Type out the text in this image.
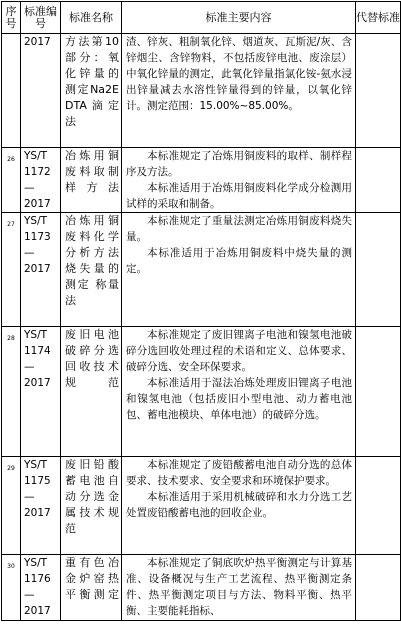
序号	标准编号	标准名称	标准主要内容	代替标准
	2017	方法第10部分：氧化锌量的测定Na2EDTA滴定法	渣、锌灰、粗制氧化锌、烟道灰、瓦斯泥/灰、含锌烟尘、含锌物料，不包括废锌电池、废涂层）中氧化锌量的测定，此氧化锌量指氯化铵-氨水浸出锌量减去水溶性锌量得到的锌量，以氧化锌计。测定范围：15.00%~85.00%。	

26	YS/T 1172—2017	冶炼用铜废料取制样方法	本标准规定了冶炼用铜废料的取样、制样程序及方法。

本标准适用于冶炼用铜废料化学成分检测用试样的采取和制备。	

27	YS/T 1173—2017	冶炼用铜废料化学分析方法 烧失量的测定 称量法	本标准规定了重量法测定冶炼用铜废料烧失量。

本标准适用于冶炼用铜废料中烧失量的测定。	

28	YS/T 1174—2017	废旧电池破碎分选回收技术规范	本标准规定了废旧锂离子电池和镍氢电池破碎分选回收处理过程的术语和定义、总体要求、破碎分选、安全环保要求。

本标准适用于湿法冶炼处理废旧锂离子电池和镍氢电池（包括废旧小型电池、动力蓄电池包、蓄电池模块、单体电池）的破碎分选。	

29	YS/T 1175—2017	废旧铅酸蓄电池自动分选金属技术规范	本标准规定了废铅酸蓄电池自动分选的总体要求、技术要求、安全要求和环境保护要求。

本标准适用于采用机械破碎和水力分选工艺处置废铅酸蓄电池的回收企业。	

30	YS/T 1176—2017	重有色冶金炉窑热平衡测定	本标准规定了铜底吹炉热平衡测定与计算基准、设备概况与生产工艺流程、热平衡测定条件、热平衡测定项目与方法、物料平衡、热平衡、主要能耗指标、	
